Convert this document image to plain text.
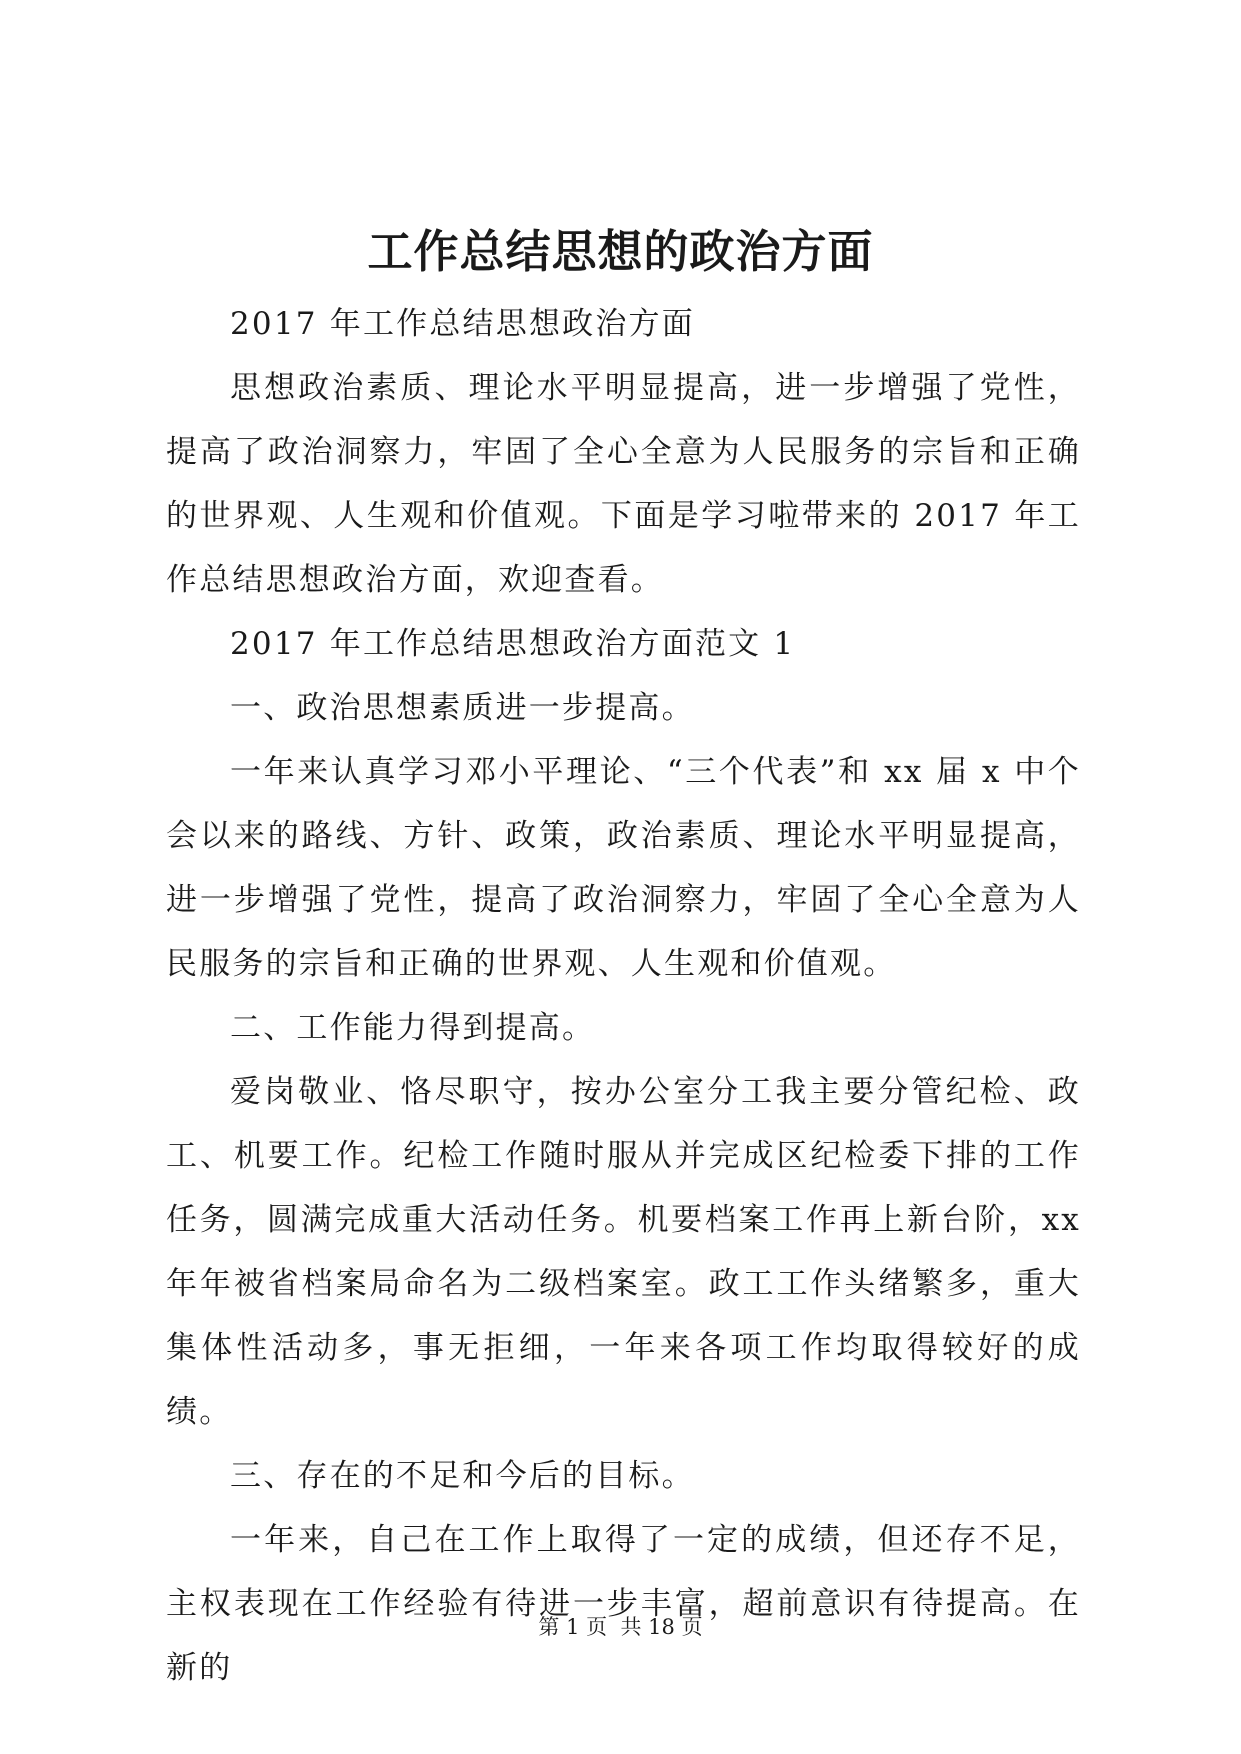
工作总结思想的政治方面

2017 年工作总结思想政治方面

思想政治素质、理论水平明显提高，进一步增强了党性，提高了政治洞察力，牢固了全心全意为人民服务的宗旨和正确的世界观、人生观和价值观。下面是学习啦带来的 2017 年工作总结思想政治方面，欢迎查看。

2017 年工作总结思想政治方面范文 1

一、政治思想素质进一步提高。

一年来认真学习邓小平理论、“三个代表”和 xx 届 x 中个会以来的路线、方针、政策，政治素质、理论水平明显提高，进一步增强了党性，提高了政治洞察力，牢固了全心全意为人民服务的宗旨和正确的世界观、人生观和价值观。

二、工作能力得到提高。

爱岗敬业、恪尽职守，按办公室分工我主要分管纪检、政工、机要工作。纪检工作随时服从并完成区纪检委下排的工作任务，圆满完成重大活动任务。机要档案工作再上新台阶，xx 年年被省档案局命名为二级档案室。政工工作头绪繁多，重大集体性活动多，事无拒细，一年来各项工作均取得较好的成绩。

三、存在的不足和今后的目标。

一年来，自己在工作上取得了一定的成绩，但还存不足，主权表现在工作经验有待进一步丰富，超前意识有待提高。在新的

第 1 页 共 18 页
